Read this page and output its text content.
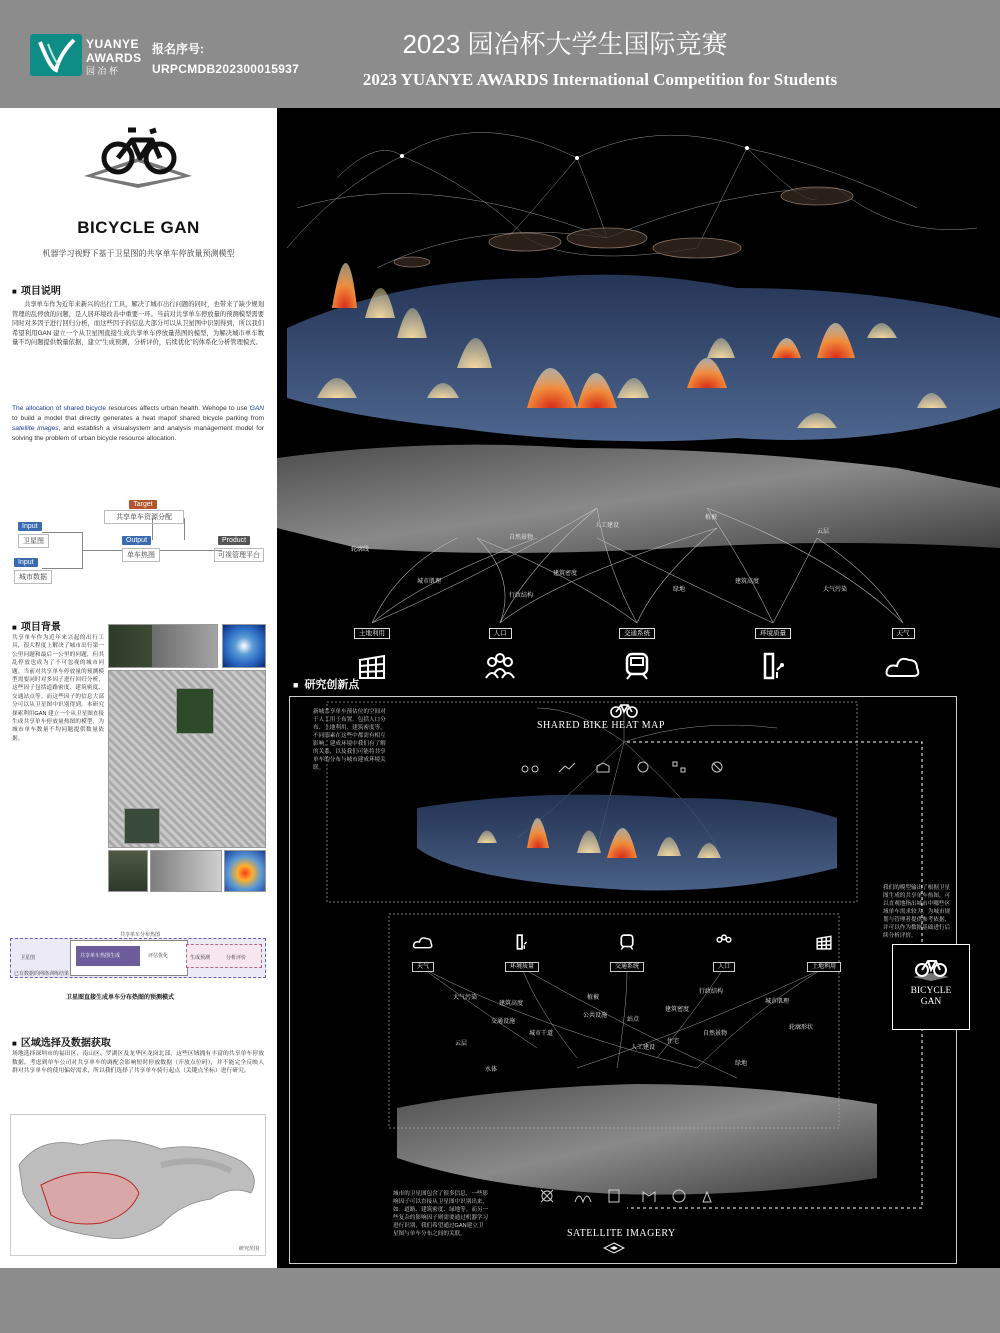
YUANYE
AWARDS
园 冶 杯
报名序号:
URPCMDB202300015937
2023 园冶杯大学生国际竞赛
2023 YUANYE AWARDS International Competition for Students
BICYCLE GAN
机器学习视野下基于卫星图的共享单车停放量预测模型
■ 项目说明
共享单车作为近年来新兴的出行工具，解决了城市出行问题的同时，也带来了缺少规划管理的乱停放的问题，是人居环境改善中重要一环。当前对共享单车停放量的预测模型需要同时对多因子进行回归分析，而这些因子的信息大部分可以从卫星图中识别得到，所以我们希望利用GAN 建立一个从卫星图直接生成共享单车停放量热图的模型，为解决城市单车数量不均问题提供数量依据，建立“生成预测，分析评价，后续优化”的体系化分析管理模式。
The allocation of shared bicycle resources affects urban health. Wehope to use GAN to build a model that directly generates a heat mapof shared bicycle parking from satellite images, and establish a visualsystem and analysis management model for solving the problem of urban bicycle resource allocation.
Target
共享单车资源分配
Input
卫星图
Input
城市数据
Output
单车热图
Product
可视管理平台
■ 项目背景
共享单车作为近年来兴起的出行工具，很大程度上解决了城市出行第一公里问题和最后一公里的问题，但其乱停放也成为了不可忽视的城市问题。当前对共享单车停放量的预测模型需要同时对多因子进行回归分析，这些因子包括道路密度、建筑密度、交通站点等。而这些因子的信息大部分可以从卫星图中识别得到。本研究探索利用GAN 建立一个从卫星图直接生成共享单车停放量热图的模型，为城市单车数量不均问题提供数量依据。
共享单车分布热图
卫星图	共享单车热图生成	评估优化
已有数据的网络训练结果
生成预测	分析评价
卫星图直接生成单车分布热图的预测模式
■ 区域选择及数据获取
场地选择深圳市的福田区、南山区、罗湖区及龙华区龙岗北部，这些区域拥有丰富的共享单车停放数据。考虑到单车公司对共享单车的调配会影响短时停放数据（开放点位码），并不能完全反映人群对共享单车的使用偏好需求，所以我们选择了共享单车骑行起点（关键点坐标）进行研究。
研究范围
人工建设
植被
自然景物
建筑密度
城市肌理
绿地
建筑高度
大气污染
轮廓线
行政结构
云层
土地利用	人口	交通系统	环境质量	天气
■ 研究创新点
SHARED BIKE HEAT MAP
新城共享单车预估位的空间对于人工用于布置，包括人口分布、土地利用、建筑密度等，不同因素在这些中都需有相互影响，建成环境中我们有了解的关系，以及我们可能将共享单车的分布与城市建成环境关联。
我们的模型输出了根据卫星图生成的共享单车热图，可以直观地指出城市中哪些区域单车需求较大，为城市规划与管理者提供参考依据，并可以作为数据基础进行后续分析评价。
城市的卫星图包含了很多信息，一些影响因子可以直接从卫星图中识别出来，如：道路、建筑密度、绿地等。而另一些复杂的影响因子则需要通过机器学习进行识别，我们希望通过GAN建立卫星图与单车分布之间的关联。

天气	环境质量	交通系统	人口	土地利用
大气污染
建筑高度
植被
行政结构
城市肌理
交通设施
公共设施
建筑密度
城市干道
站点
住宅
自然景物
轮廓形状
人工建设
绿地
云层
水体
SATELLITE IMAGERY
BICYCLE
GAN
